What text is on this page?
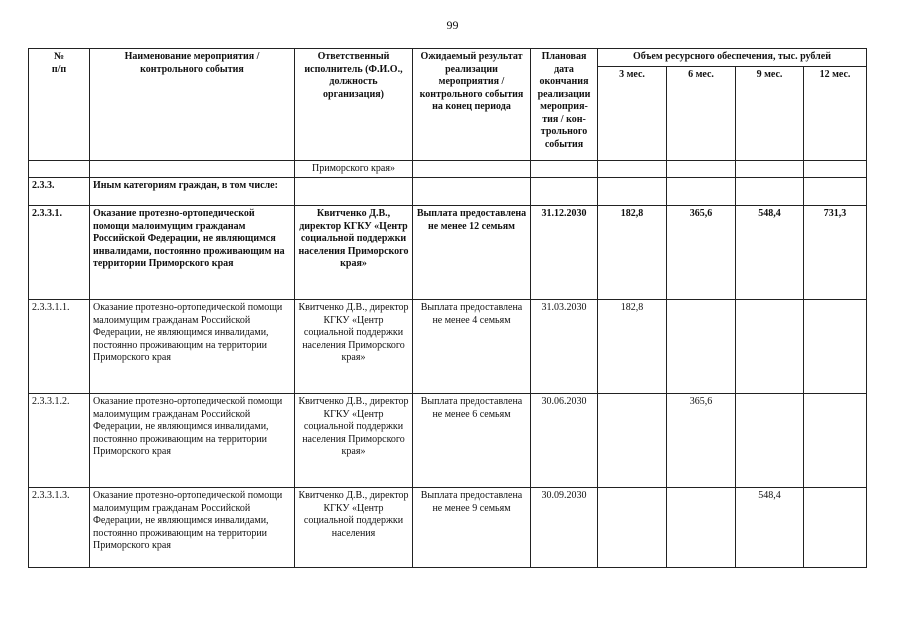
99
№
п/п	Наименование мероприятия / контрольного события	Ответственный исполнитель (Ф.И.О., должность организация)	Ожидаемый результат реализации мероприятия / контрольного события на конец периода	Плановая дата окончания реализации мероприя-тия / кон-трольного события	Объем ресурсного обеспечения, тыс. рублей			
					3 мес.	6 мес.	9 мес.	12 мес.
		Приморского края»						
2.3.3.	Иным категориям граждан, в том числе:							
2.3.3.1.	Оказание протезно-ортопедической помощи малоимущим гражданам Российской Федерации, не являющимся инвалидами, постоянно проживающим на территории Приморского края	Квитченко Д.В., директор КГКУ «Центр социальной поддержки населения Приморского края»	Выплата предоставлена не менее 12 семьям	31.12.2030	182,8	365,6	548,4	731,3
2.3.3.1.1.	Оказание протезно-ортопедической помощи малоимущим гражданам Российской Федерации, не являющимся инвалидами, постоянно проживающим на территории Приморского края	Квитченко Д.В., директор КГКУ «Центр социальной поддержки населения Приморского края»	Выплата предоставлена не менее 4 семьям	31.03.2030	182,8			
2.3.3.1.2.	Оказание протезно-ортопедической помощи малоимущим гражданам Российской Федерации, не являющимся инвалидами, постоянно проживающим на территории Приморского края	Квитченко Д.В., директор КГКУ «Центр социальной поддержки населения Приморского края»	Выплата предоставлена не менее 6 семьям	30.06.2030		365,6		
2.3.3.1.3.	Оказание протезно-ортопедической помощи малоимущим гражданам Российской Федерации, не являющимся инвалидами, постоянно проживающим на территории Приморского края	Квитченко Д.В., директор КГКУ «Центр социальной поддержки населения	Выплата предоставлена не менее 9 семьям	30.09.2030			548,4	
